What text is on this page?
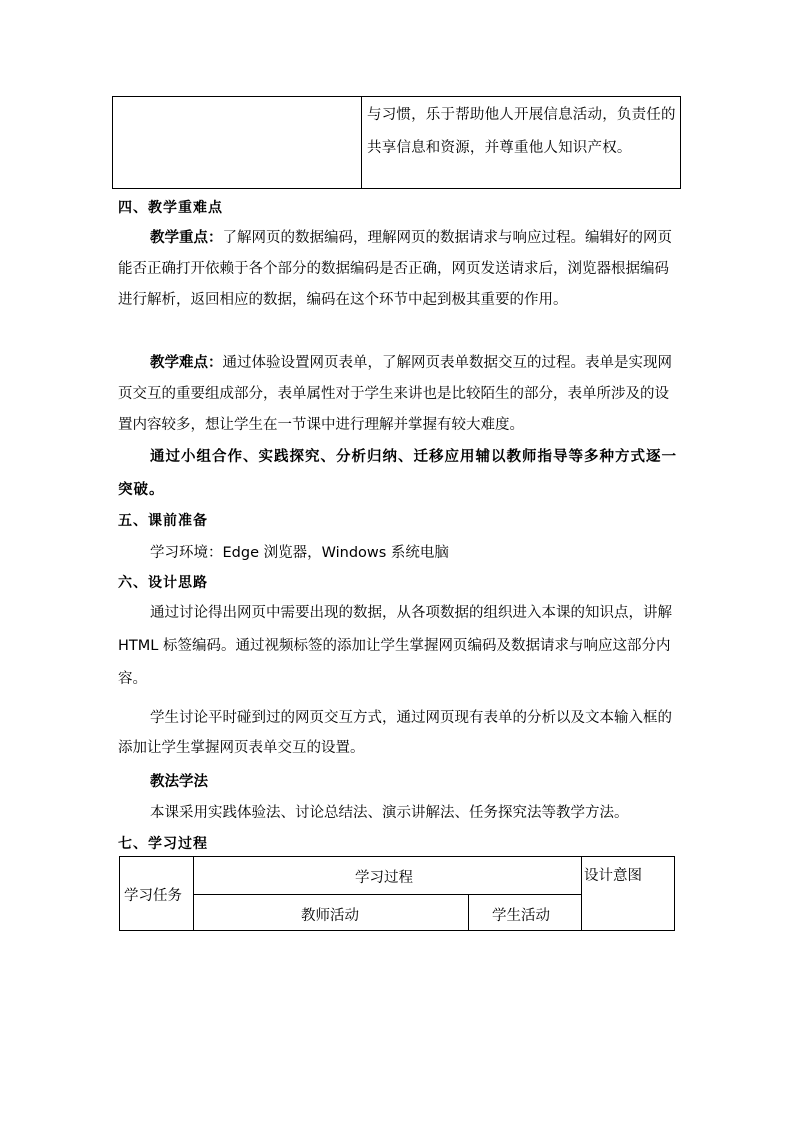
与习惯，乐于帮助他人开展信息活动，负责任的共享信息和资源，并尊重他人知识产权。
四、教学重难点
教学重点：了解网页的数据编码，理解网页的数据请求与响应过程。编辑好的网页能否正确打开依赖于各个部分的数据编码是否正确，网页发送请求后，浏览器根据编码进行解析，返回相应的数据，编码在这个环节中起到极其重要的作用。
教学难点：通过体验设置网页表单，了解网页表单数据交互的过程。表单是实现网页交互的重要组成部分，表单属性对于学生来讲也是比较陌生的部分，表单所涉及的设置内容较多，想让学生在一节课中进行理解并掌握有较大难度。
通过小组合作、实践探究、分析归纳、迁移应用辅以教师指导等多种方式逐一突破。
五、课前准备
学习环境：Edge 浏览器，Windows 系统电脑
六、设计思路
通过讨论得出网页中需要出现的数据，从各项数据的组织进入本课的知识点，讲解 HTML 标签编码。通过视频标签的添加让学生掌握网页编码及数据请求与响应这部分内容。
学生讨论平时碰到过的网页交互方式，通过网页现有表单的分析以及文本输入框的添加让学生掌握网页表单交互的设置。
教法学法
本课采用实践体验法、讨论总结法、演示讲解法、任务探究法等教学方法。
七、学习过程
学习任务
学习过程	设计意图
教师活动	学生活动
